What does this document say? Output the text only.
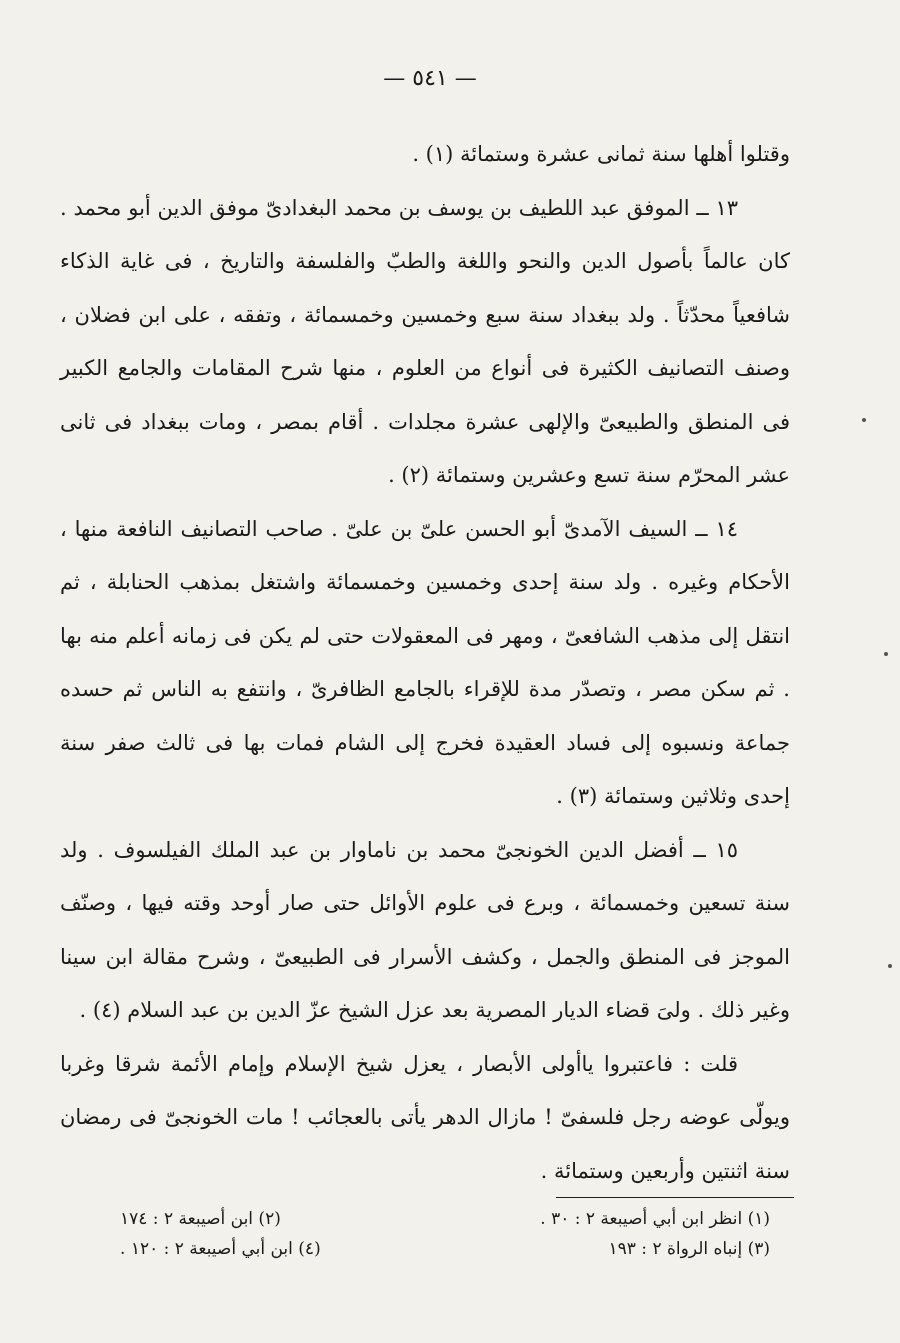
— ٥٤١ —

وقتلوا أهلها سنة ثمانى عشرة وستمائة (١) .

١٣ ــ الموفق عبد اللطيف بن يوسف بن محمد البغدادىّ موفق الدين أبو محمد . كان عالماً بأصول الدين والنحو واللغة والطبّ والفلسفة والتاريخ ، فى غاية الذكاء شافعياً محدّثاً . ولد ببغداد سنة سبع وخمسين وخمسمائة ، وتفقه ، على ابن فضلان ، وصنف التصانيف الكثيرة فى أنواع من العلوم ، منها شرح المقامات والجامع الكبير فى المنطق والطبيعىّ والإلهى عشرة مجلدات . أقام بمصر ، ومات ببغداد فى ثانى عشر المحرّم سنة تسع وعشرين وستمائة (٢) .

١٤ ــ السيف الآمدىّ أبو الحسن علىّ بن علىّ . صاحب التصانيف النافعة منها ، الأحكام وغيره . ولد سنة إحدى وخمسين وخمسمائة واشتغل بمذهب الحنابلة ، ثم انتقل إلى مذهب الشافعىّ ، ومهر فى المعقولات حتى لم يكن فى زمانه أعلم منه بها . ثم سكن مصر ، وتصدّر مدة للإقراء بالجامع الظافرىّ ، وانتفع به الناس ثم حسده جماعة ونسبوه إلى فساد العقيدة فخرج إلى الشام فمات بها فى ثالث صفر سنة إحدى وثلاثين وستمائة (٣) .

١٥ ــ أفضل الدين الخونجىّ محمد بن ناماوار بن عبد الملك الفيلسوف . ولد سنة تسعين وخمسمائة ، وبرع فى علوم الأوائل حتى صار أوحد وقته فيها ، وصنّف الموجز فى المنطق والجمل ، وكشف الأسرار فى الطبيعىّ ، وشرح مقالة ابن سينا وغير ذلك . ولىَ قضاء الديار المصرية بعد عزل الشيخ عزّ الدين بن عبد السلام (٤) .

قلت : فاعتبروا ياأولى الأبصار ، يعزل شيخ الإسلام وإمام الأئمة شرقا وغربا ويولّى عوضه رجل فلسفىّ ! مازال الدهر يأتى بالعجائب ! مات الخونجىّ فى رمضان سنة اثنتين وأربعين وستمائة .

(١) انظر ابن أبي أصيبعة ٢ : ٣٠ .
(٢) ابن أصيبعة ٢ : ١٧٤
(٣) إنباه الرواة ٢ : ١٩٣
(٤) ابن أبي أصيبعة ٢ : ١٢٠ .
